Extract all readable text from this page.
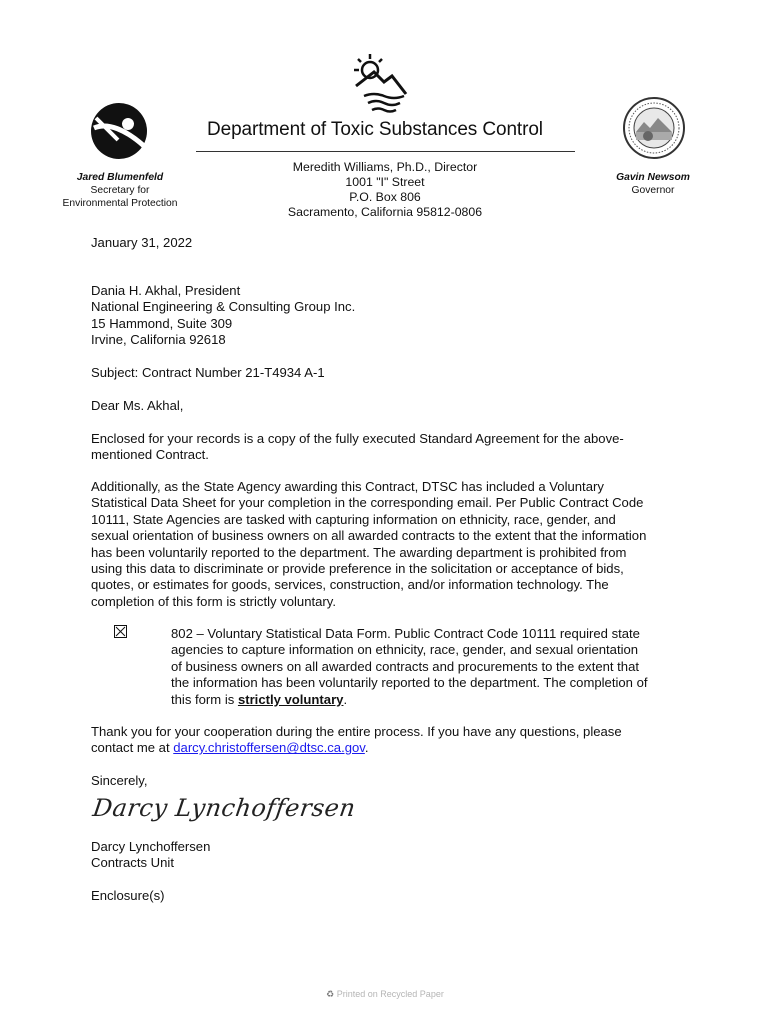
Department of Toxic Substances Control
Meredith Williams, Ph.D., Director
1001 "I" Street
P.O. Box 806
Sacramento, California 95812-0806
Jared Blumenfeld
Secretary for
Environmental Protection
Gavin Newsom
Governor
January 31, 2022
Dania H. Akhal, President
National Engineering & Consulting Group Inc.
15 Hammond, Suite 309
Irvine, California 92618
Subject: Contract Number 21-T4934 A-1
Dear Ms. Akhal,
Enclosed for your records is a copy of the fully executed Standard Agreement for the above-
mentioned Contract.
Additionally, as the State Agency awarding this Contract, DTSC has included a Voluntary
Statistical Data Sheet for your completion in the corresponding email. Per Public Contract Code
10111, State Agencies are tasked with capturing information on ethnicity, race, gender, and
sexual orientation of business owners on all awarded contracts to the extent that the information
has been voluntarily reported to the department. The awarding department is prohibited from
using this data to discriminate or provide preference in the solicitation or acceptance of bids,
quotes, or estimates for goods, services, construction, and/or information technology. The
completion of this form is strictly voluntary.
802 – Voluntary Statistical Data Form. Public Contract Code 10111 required state
agencies to capture information on ethnicity, race, gender, and sexual orientation
of business owners on all awarded contracts and procurements to the extent that
the information has been voluntarily reported to the department. The completion of
this form is strictly voluntary.
Thank you for your cooperation during the entire process. If you have any questions, please
contact me at darcy.christoffersen@dtsc.ca.gov.
Sincerely,
Darcy Lynchoffersen
Darcy Lynchoffersen
Contracts Unit
Enclosure(s)
♻ Printed on Recycled Paper
